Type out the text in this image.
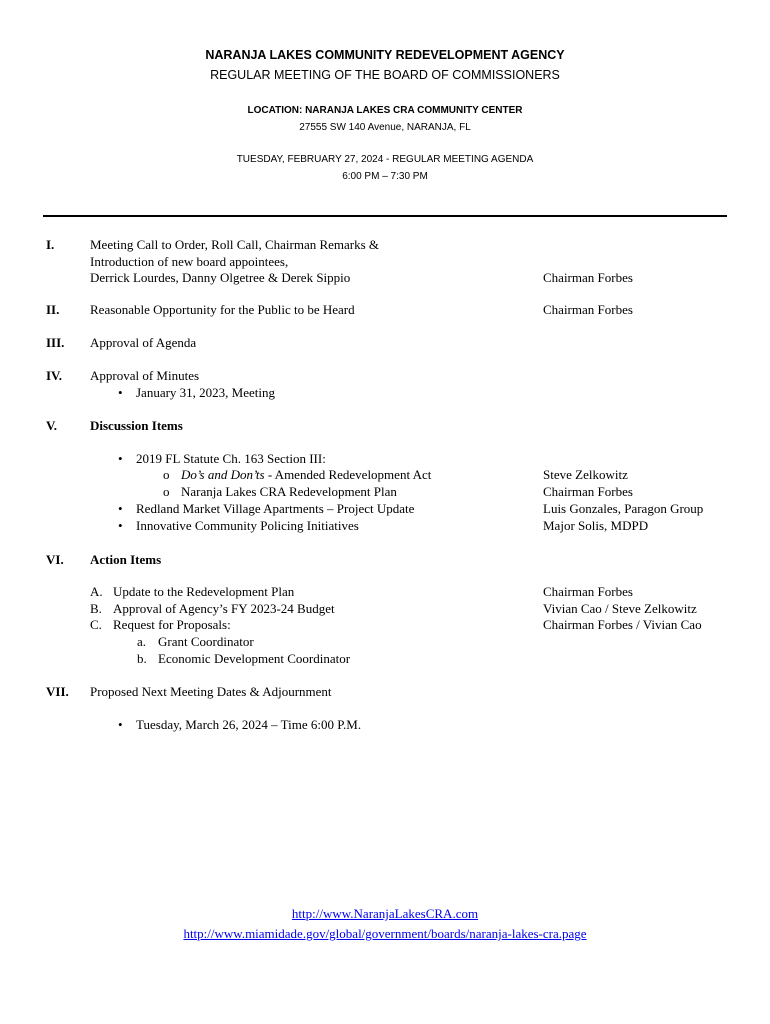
NARANJA LAKES COMMUNITY REDEVELOPMENT AGENCY
REGULAR MEETING OF THE BOARD OF COMMISSIONERS
LOCATION: NARANJA LAKES CRA COMMUNITY CENTER
27555 SW 140 Avenue, NARANJA, FL
TUESDAY, FEBRUARY 27, 2024 - REGULAR MEETING AGENDA
6:00 PM – 7:30 PM
I.	Meeting Call to Order, Roll Call, Chairman Remarks &
Introduction of new board appointees,
Derrick Lourdes, Danny Olgetree & Derek Sippio	Chairman Forbes
II. Reasonable Opportunity for the Public to be Heard	Chairman Forbes
III. Approval of Agenda
IV. Approval of Minutes
• January 31, 2023, Meeting
V.	Discussion Items
• 2019 FL Statute Ch. 163 Section III:
o Do’s and Don’ts - Amended Redevelopment Act	Steve Zelkowitz
o Naranja Lakes CRA Redevelopment Plan	Chairman Forbes
• Redland Market Village Apartments – Project Update	Luis Gonzales, Paragon Group
• Innovative Community Policing Initiatives	Major Solis, MDPD
VI. Action Items
A. Update to the Redevelopment Plan	Chairman Forbes
B. Approval of Agency’s FY 2023-24 Budget	Vivian Cao / Steve Zelkowitz
C. Request for Proposals:	Chairman Forbes / Vivian Cao
a. Grant Coordinator
b. Economic Development Coordinator
VII. Proposed Next Meeting Dates & Adjournment
• Tuesday, March 26, 2024 – Time 6:00 P.M.
http://www.NaranjaLakesCRA.com
http://www.miamidade.gov/global/government/boards/naranja-lakes-cra.page
